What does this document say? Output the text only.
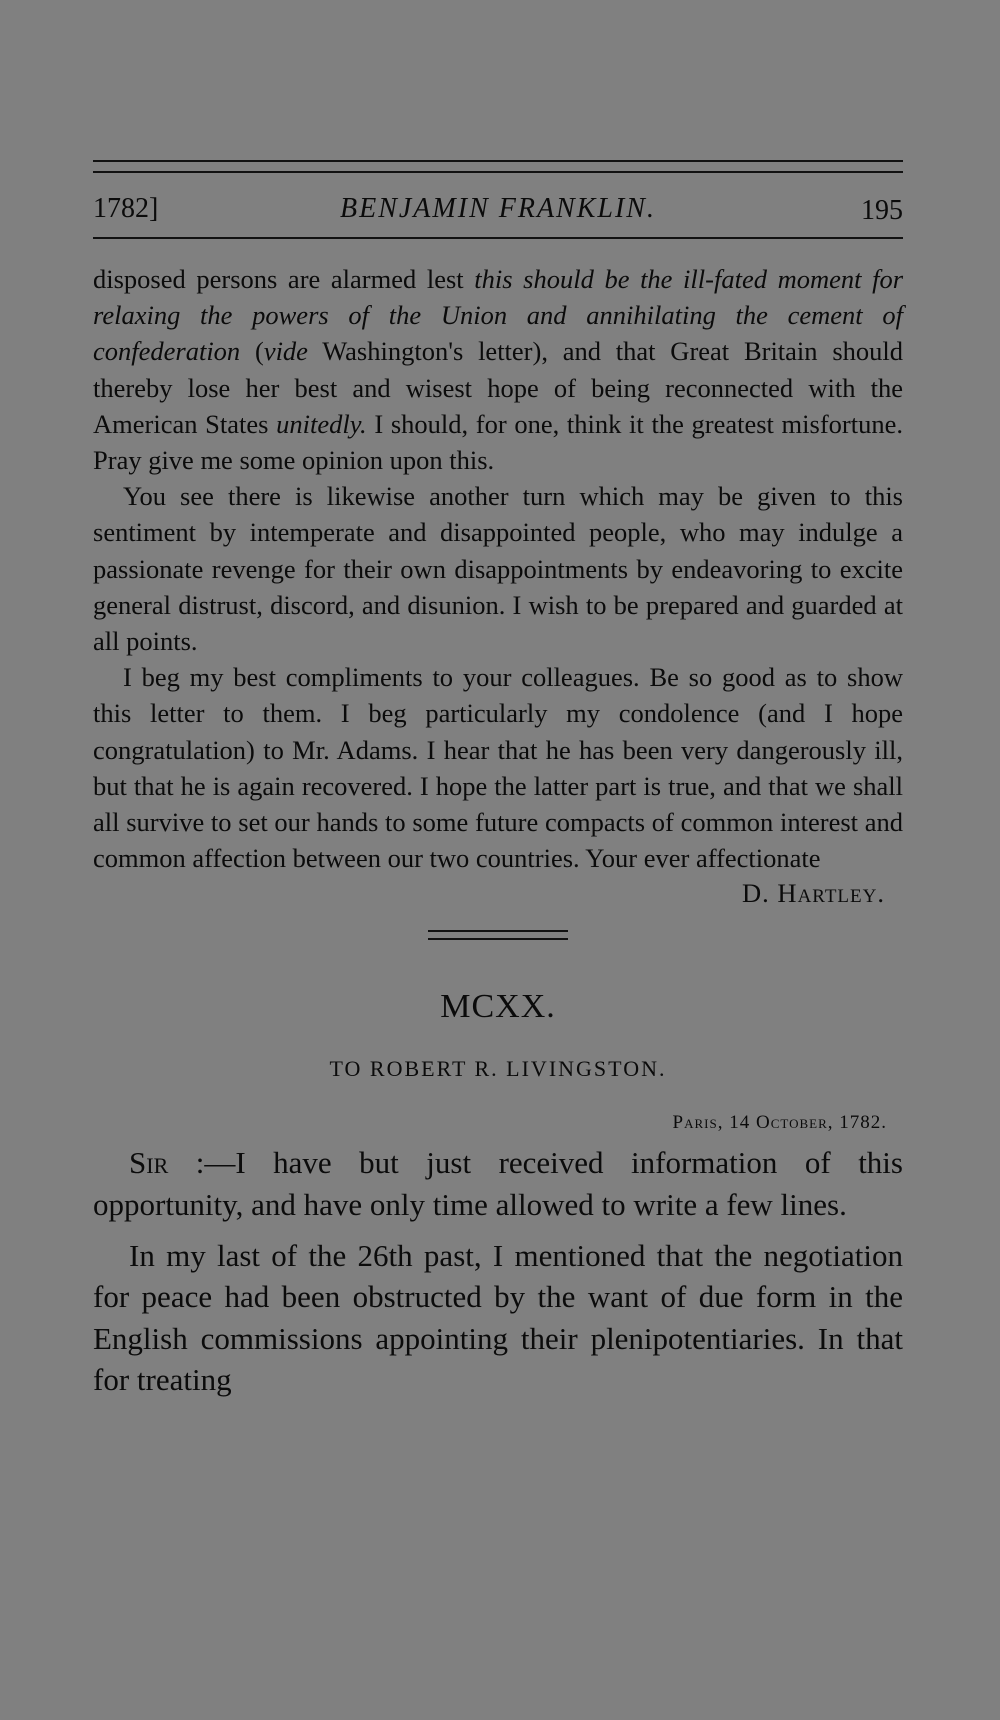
1782]	BENJAMIN FRANKLIN.	195

disposed persons are alarmed lest this should be the ill-fated moment for relaxing the powers of the Union and annihilating the cement of confederation (vide Washington's letter), and that Great Britain should thereby lose her best and wisest hope of being reconnected with the American States unitedly. I should, for one, think it the greatest misfortune. Pray give me some opinion upon this.

You see there is likewise another turn which may be given to this sentiment by intemperate and disappointed people, who may indulge a passionate revenge for their own disappointments by endeavoring to excite general distrust, discord, and disunion. I wish to be prepared and guarded at all points.

I beg my best compliments to your colleagues. Be so good as to show this letter to them. I beg particularly my condolence (and I hope congratulation) to Mr. Adams. I hear that he has been very dangerously ill, but that he is again recovered. I hope the latter part is true, and that we shall all survive to set our hands to some future compacts of common interest and common affection between our two countries. Your ever affectionate

D. Hartley.
MCXX.
TO ROBERT R. LIVINGSTON.
Paris, 14 October, 1782.

Sir :—I have but just received information of this opportunity, and have only time allowed to write a few lines.

In my last of the 26th past, I mentioned that the negotiation for peace had been obstructed by the want of due form in the English commissions appointing their plenipotentiaries. In that for treating
